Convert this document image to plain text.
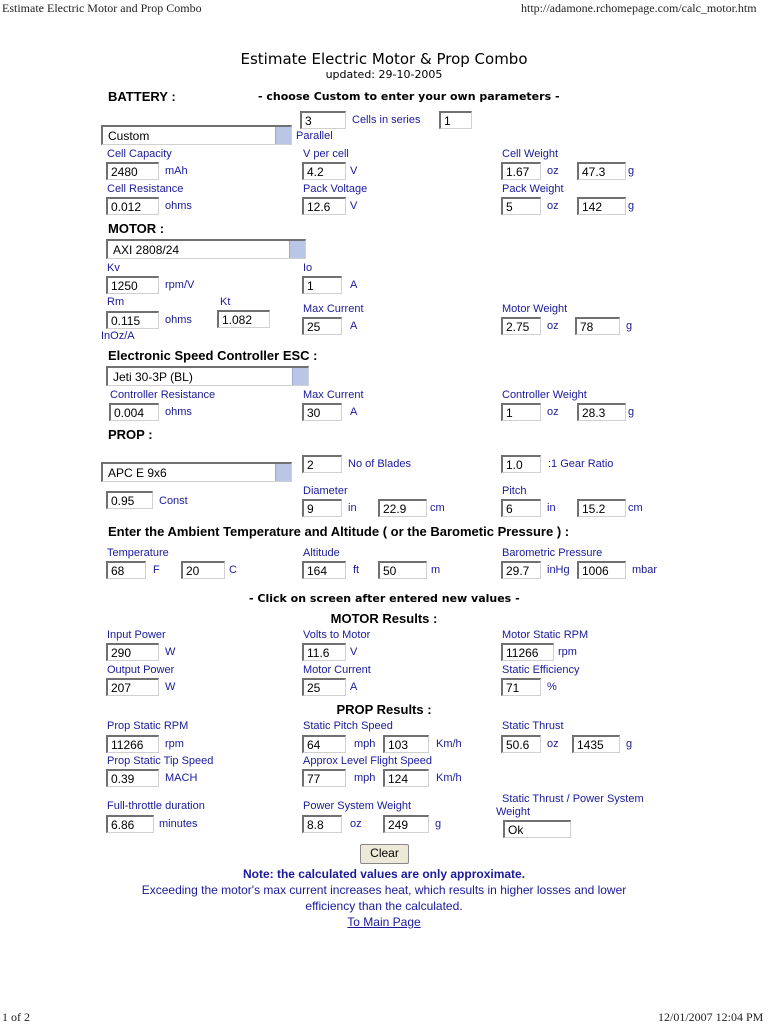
Estimate Electric Motor and Prop Combo	http://adamone.rchomepage.com/calc_motor.htm
Estimate Electric Motor & Prop Combo
updated: 29-10-2005
BATTERY :	- choose Custom to enter your own parameters -
Custom
3	Cells in series	1
Parallel
Cell Capacity
2480	mAh
V per cell
4.2	V
Cell Weight
1.67	oz	47.3	g
Cell Resistance
0.012	ohms
Pack Voltage
12.6	V
Pack Weight
5	oz	142	g
MOTOR :
AXI 2808/24
Kv
1250	rpm/V
Io
1	A
Rm	Kt
0.115	ohms	1.082
InOz/A
Max Current
25	A
Motor Weight
2.75	oz	78	g
Electronic Speed Controller ESC :
Jeti 30-3P (BL)
Controller Resistance
0.004	ohms
Max Current
30	A
Controller Weight
1	oz	28.3	g
PROP :
2	No of Blades	1.0	:1 Gear Ratio
APC E 9x6
0.95	Const
Diameter
9	in	22.9	cm
Pitch
6	in	15.2	cm
Enter the Ambient Temperature and Altitude ( or the Barometic Pressure ) :
Temperature
68	F	20	C
Altitude
164	ft	50	m
Barometric Pressure
29.7	inHg	1006	mbar
- Click on screen after entered new values -
MOTOR Results :
Input Power
290	W
Volts to Motor
11.6	V
Motor Static RPM
11266	rpm
Output Power
207	W
Motor Current
25	A
Static Efficiency
71	%
PROP Results :
Prop Static RPM
11266	rpm
Static Pitch Speed
64	mph	103	Km/h
Static Thrust
50.6	oz	1435	g
Prop Static Tip Speed
0.39	MACH
Approx Level Flight Speed
77	mph	124	Km/h
Full-throttle duration
6.86	minutes
Power System Weight
8.8	oz	249	g
Static Thrust / Power System
Weight
Ok
Clear
Note: the calculated values are only approximate.
Exceeding the motor's max current increases heat, which results in higher losses and lower
efficiency than the calculated.
To Main Page
1 of 2	12/01/2007 12:04 PM
